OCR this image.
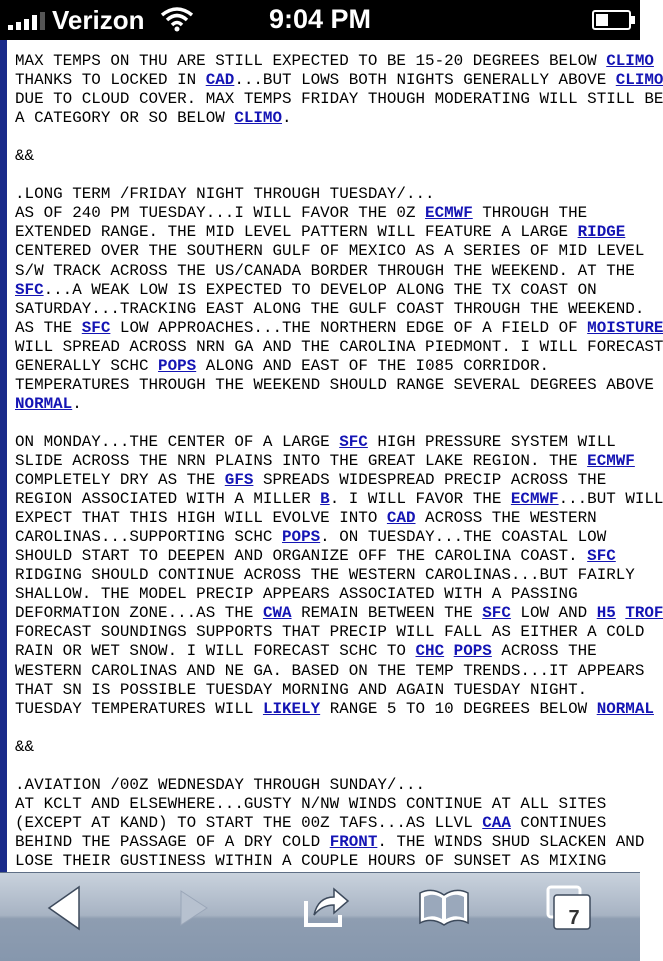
Verizon	9:04 PM
MAX TEMPS ON THU ARE STILL EXPECTED TO BE 15-20 DEGREES BELOW CLIMO
THANKS TO LOCKED IN CAD...BUT LOWS BOTH NIGHTS GENERALLY ABOVE CLIMO
DUE TO CLOUD COVER. MAX TEMPS FRIDAY THOUGH MODERATING WILL STILL BE
A CATEGORY OR SO BELOW CLIMO.
&&
.LONG TERM /FRIDAY NIGHT THROUGH TUESDAY/...
AS OF 240 PM TUESDAY...I WILL FAVOR THE 0Z ECMWF THROUGH THE
EXTENDED RANGE. THE MID LEVEL PATTERN WILL FEATURE A LARGE RIDGE
CENTERED OVER THE SOUTHERN GULF OF MEXICO AS A SERIES OF MID LEVEL
S/W TRACK ACROSS THE US/CANADA BORDER THROUGH THE WEEKEND. AT THE
SFC...A WEAK LOW IS EXPECTED TO DEVELOP ALONG THE TX COAST ON
SATURDAY...TRACKING EAST ALONG THE GULF COAST THROUGH THE WEEKEND.
AS THE SFC LOW APPROACHES...THE NORTHERN EDGE OF A FIELD OF MOISTURE
WILL SPREAD ACROSS NRN GA AND THE CAROLINA PIEDMONT. I WILL FORECAST
GENERALLY SCHC POPS ALONG AND EAST OF THE I085 CORRIDOR.
TEMPERATURES THROUGH THE WEEKEND SHOULD RANGE SEVERAL DEGREES ABOVE
NORMAL.
ON MONDAY...THE CENTER OF A LARGE SFC HIGH PRESSURE SYSTEM WILL
SLIDE ACROSS THE NRN PLAINS INTO THE GREAT LAKE REGION. THE ECMWF
COMPLETELY DRY AS THE GFS SPREADS WIDESPREAD PRECIP ACROSS THE
REGION ASSOCIATED WITH A MILLER B. I WILL FAVOR THE ECMWF...BUT WILL
EXPECT THAT THIS HIGH WILL EVOLVE INTO CAD ACROSS THE WESTERN
CAROLINAS...SUPPORTING SCHC POPS. ON TUESDAY...THE COASTAL LOW
SHOULD START TO DEEPEN AND ORGANIZE OFF THE CAROLINA COAST. SFC
RIDGING SHOULD CONTINUE ACROSS THE WESTERN CAROLINAS...BUT FAIRLY
SHALLOW. THE MODEL PRECIP APPEARS ASSOCIATED WITH A PASSING
DEFORMATION ZONE...AS THE CWA REMAIN BETWEEN THE SFC LOW AND H5 TROF
FORECAST SOUNDINGS SUPPORTS THAT PRECIP WILL FALL AS EITHER A COLD
RAIN OR WET SNOW. I WILL FORECAST SCHC TO CHC POPS ACROSS THE
WESTERN CAROLINAS AND NE GA. BASED ON THE TEMP TRENDS...IT APPEARS
THAT SN IS POSSIBLE TUESDAY MORNING AND AGAIN TUESDAY NIGHT.
TUESDAY TEMPERATURES WILL LIKELY RANGE 5 TO 10 DEGREES BELOW NORMAL
&&
.AVIATION /00Z WEDNESDAY THROUGH SUNDAY/...
AT KCLT AND ELSEWHERE...GUSTY N/NW WINDS CONTINUE AT ALL SITES
(EXCEPT AT KAND) TO START THE 00Z TAFS...AS LLVL CAA CONTINUES
BEHIND THE PASSAGE OF A DRY COLD FRONT. THE WINDS SHUD SLACKEN AND
LOSE THEIR GUSTINESS WITHIN A COUPLE HOURS OF SUNSET AS MIXING
7
